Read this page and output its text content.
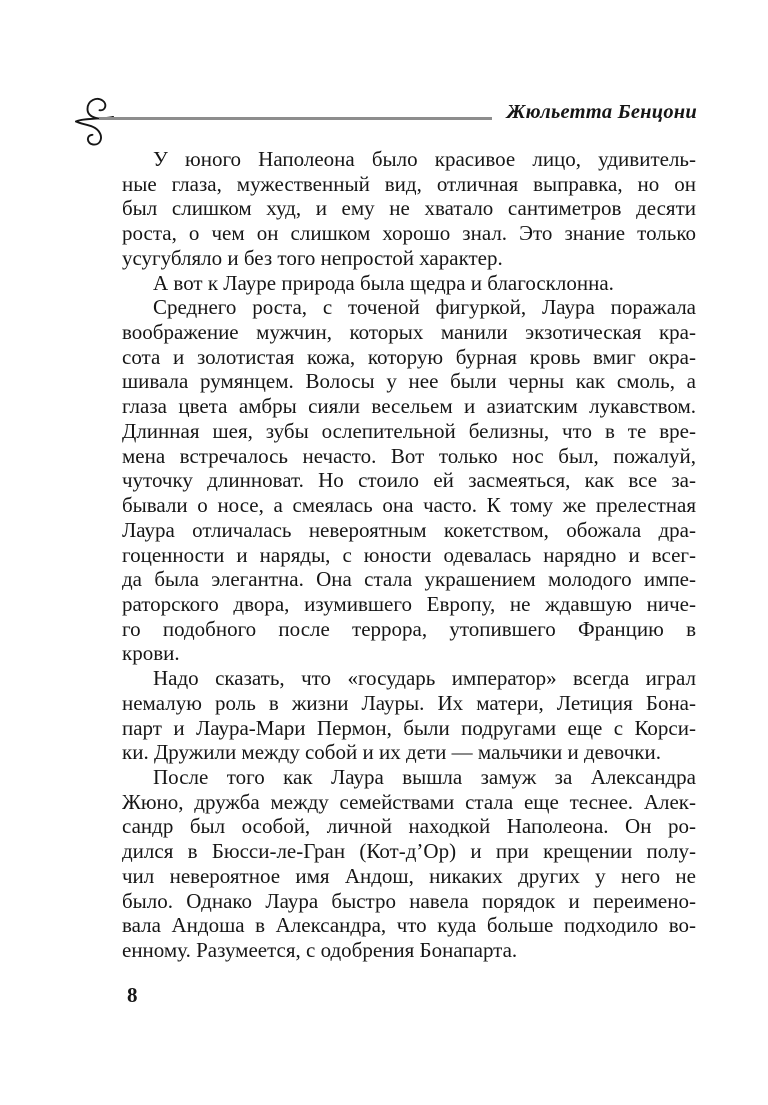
Жюльетта Бенцони
У юного Наполеона было красивое лицо, удивитель-
ные глаза, мужественный вид, отличная выправка, но он
был слишком худ, и ему не хватало сантиметров десяти
роста, о чем он слишком хорошо знал. Это знание только
усугубляло и без того непростой характер.
А вот к Лауре природа была щедра и благосклонна.
Среднего роста, с точеной фигуркой, Лаура поражала
воображение мужчин, которых манили экзотическая кра-
сота и золотистая кожа, которую бурная кровь вмиг окра-
шивала румянцем. Волосы у нее были черны как смоль, а
глаза цвета амбры сияли весельем и азиатским лукавством.
Длинная шея, зубы ослепительной белизны, что в те вре-
мена встречалось нечасто. Вот только нос был, пожалуй,
чуточку длинноват. Но стоило ей засмеяться, как все за-
бывали о носе, а смеялась она часто. К тому же прелестная
Лаура отличалась невероятным кокетством, обожала дра-
гоценности и наряды, с юности одевалась нарядно и всег-
да была элегантна. Она стала украшением молодого импе-
раторского двора, изумившего Европу, не ждавшую ниче-
го подобного после террора, утопившего Францию в
крови.
Надо сказать, что «государь император» всегда играл
немалую роль в жизни Лауры. Их матери, Летиция Бона-
парт и Лаура-Мари Пермон, были подругами еще с Корси-
ки. Дружили между собой и их дети — мальчики и девочки.
После того как Лаура вышла замуж за Александра
Жюно, дружба между семействами стала еще теснее. Алек-
сандр был особой, личной находкой Наполеона. Он ро-
дился в Бюсси-ле-Гран (Кот-д’Ор) и при крещении полу-
чил невероятное имя Андош, никаких других у него не
было. Однако Лаура быстро навела порядок и переимено-
вала Андоша в Александра, что куда больше подходило во-
енному. Разумеется, с одобрения Бонапарта.
8
